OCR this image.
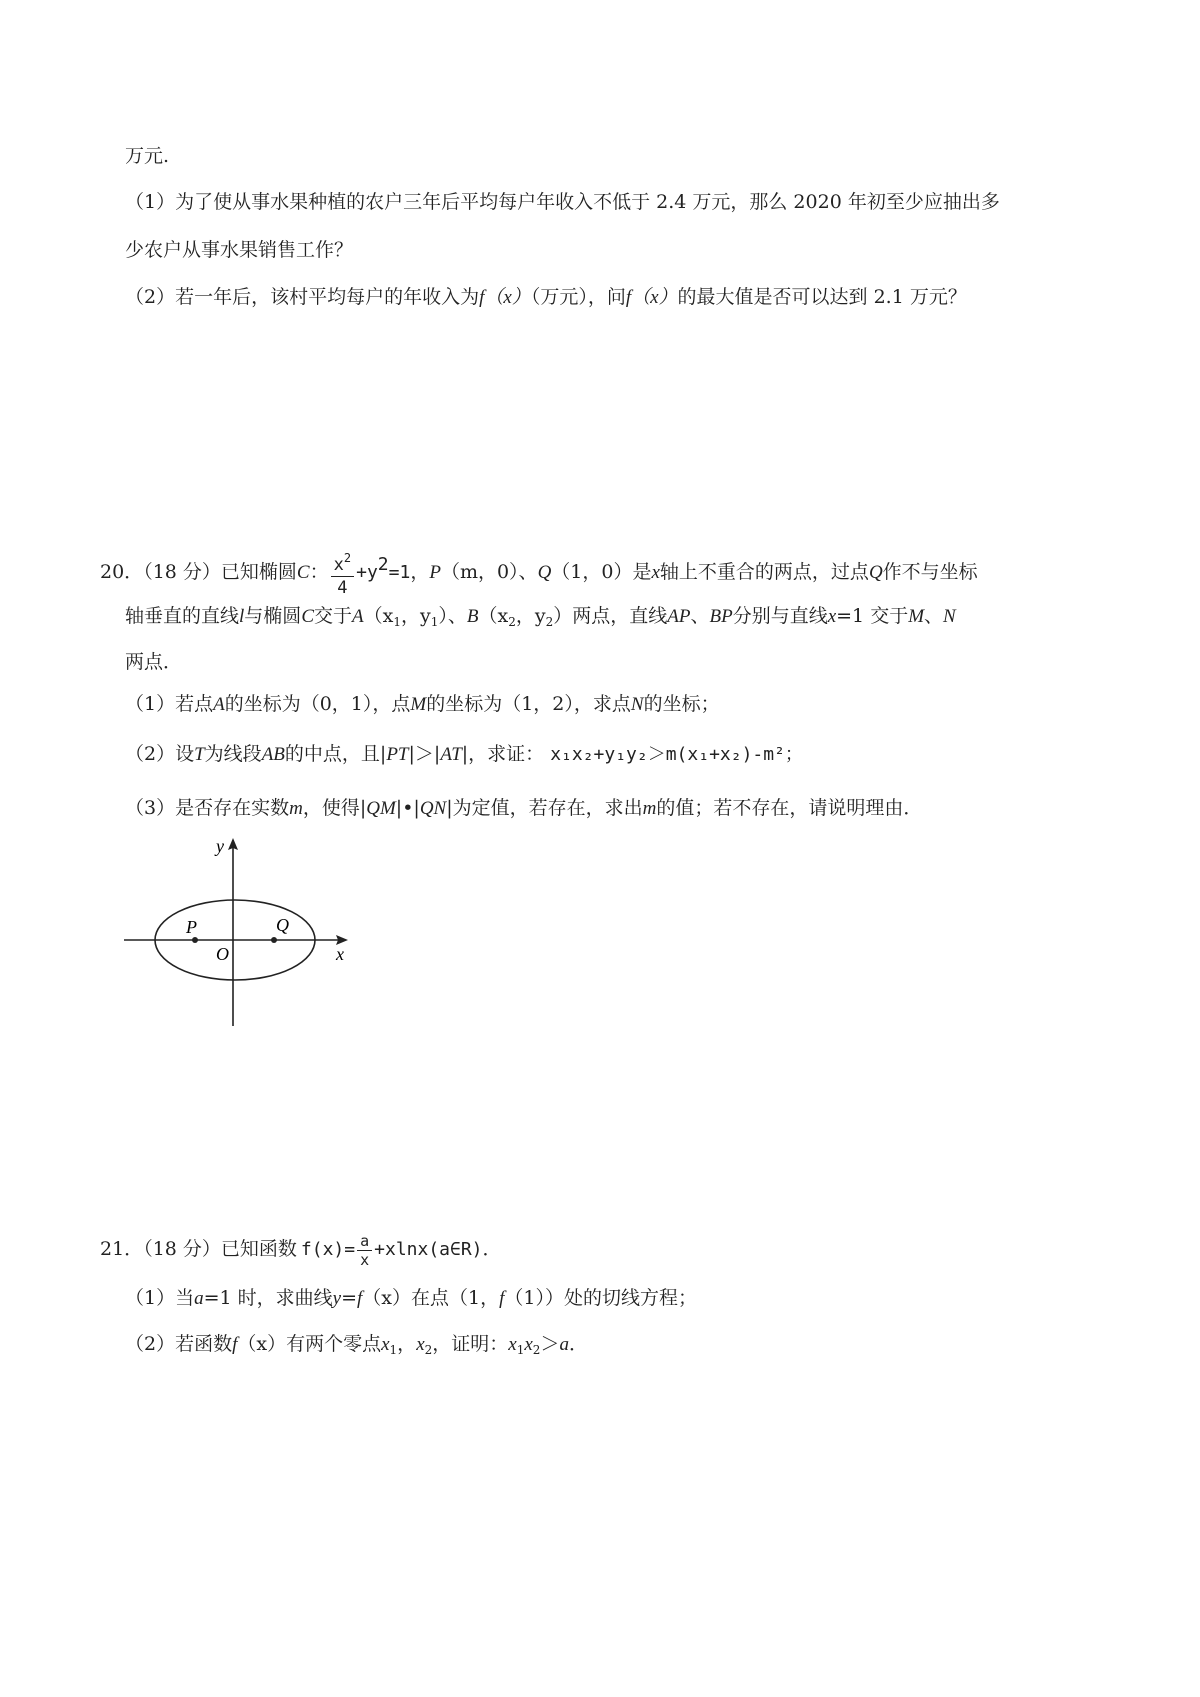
万元.
（1）为了使从事水果种植的农户三年后平均每户年收入不低于 2.4 万元，那么 2020 年初至少应抽出多
少农户从事水果销售工作？
（2）若一年后，该村平均每户的年收入为f（x）（万元），问f（x）的最大值是否可以达到 2.1 万元？
20．（18 分）已知椭圆C： $\frac{x^2}{4} +y^2=1$，P（m，0）、Q（1，0）是x轴上不重合的两点，过点Q作不与坐标
轴垂直的直线l与椭圆C交于$A(x_1$，$y_1$）、$B(x_2$，$y_2$）两点，直线AP、BP分别与直线x=1 交于M、N
两点．
（1）若点A的坐标为（0，1），点M的坐标为（1，2），求点N的坐标；
（2）设T为线段AB的中点，且|PT|＞|AT|，求证： x₁x₂+y₁y₂＞m(x₁+x₂)-m²；
（3）是否存在实数m，使得|QM|•|QN|为定值，若存在，求出m的值；若不存在，请说明理由．
y
x
O
P	Q
21．（18 分）已知函数 $f(x)= \frac{a}{x}$ +xlnx(a∈R)．
（1）当a=1 时，求曲线y=f（x）在点（1，f（1））处的切线方程；
（2）若函数f（x）有两个零点$x_1$，$x_2$，证明：$x_1x_2>a$．
